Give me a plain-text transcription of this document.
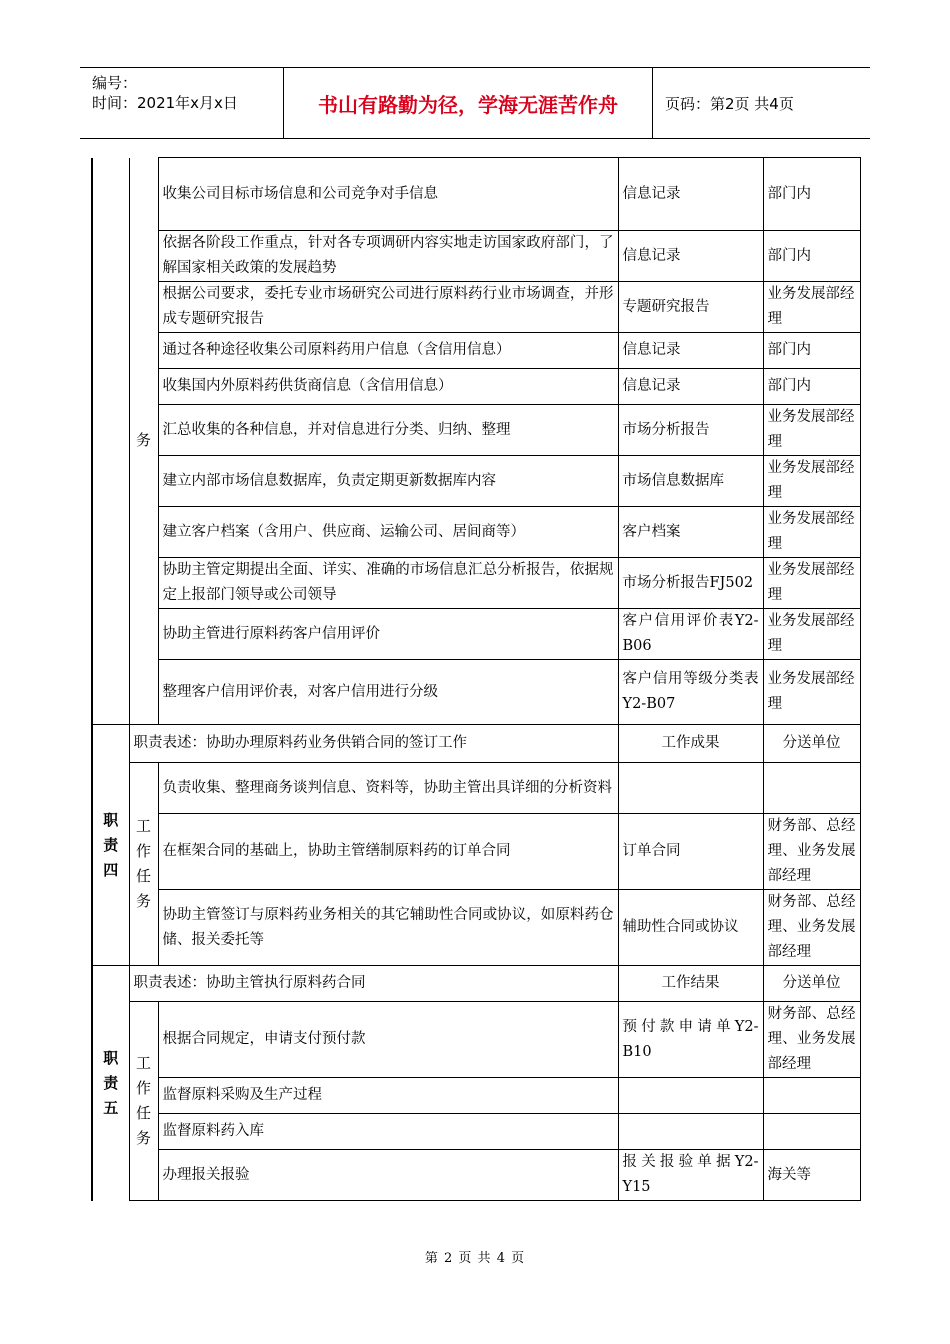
编号：
时间：2021年x月x日	书山有路勤为径，学海无涯苦作舟	页码：第2页 共4页
	务	收集公司目标市场信息和公司竞争对手信息	信息记录	部门内
		依据各阶段工作重点，针对各专项调研内容实地走访国家政府部门，了解国家相关政策的发展趋势	信息记录	部门内
		根据公司要求，委托专业市场研究公司进行原料药行业市场调查，并形成专题研究报告	专题研究报告	业务发展部经理
		通过各种途径收集公司原料药用户信息（含信用信息）	信息记录	部门内
		收集国内外原料药供货商信息（含信用信息）	信息记录	部门内
		汇总收集的各种信息，并对信息进行分类、归纳、整理	市场分析报告	业务发展部经理
		建立内部市场信息数据库，负责定期更新数据库内容	市场信息数据库	业务发展部经理
		建立客户档案（含用户、供应商、运输公司、居间商等）	客户档案	业务发展部经理
		协助主管定期提出全面、详实、准确的市场信息汇总分析报告，依据规定上报部门领导或公司领导	市场分析报告FJ502	业务发展部经理
		协助主管进行原料药客户信用评价	客户信用评价表Y2-B06	业务发展部经理
		整理客户信用评价表，对客户信用进行分级	客户信用等级分类表Y2-B07	业务发展部经理
职责四	职责表述：协助办理原料药业务供销合同的签订工作		工作成果	分送单位
	工作任务	负责收集、整理商务谈判信息、资料等，协助主管出具详细的分析资料		
		在框架合同的基础上，协助主管缮制原料药的订单合同	订单合同	财务部、总经理、业务发展部经理
		协助主管签订与原料药业务相关的其它辅助性合同或协议，如原料药仓储、报关委托等	辅助性合同或协议	财务部、总经理、业务发展部经理
职责五	职责表述：协助主管执行原料药合同		工作结果	分送单位
	工作任务	根据合同规定，申请支付预付款	预付款申请单Y2-B10	财务部、总经理、业务发展部经理
		监督原料采购及生产过程		
		监督原料药入库		
		办理报关报验	报关报验单据Y2-Y15	海关等
第 2 页 共 4 页
